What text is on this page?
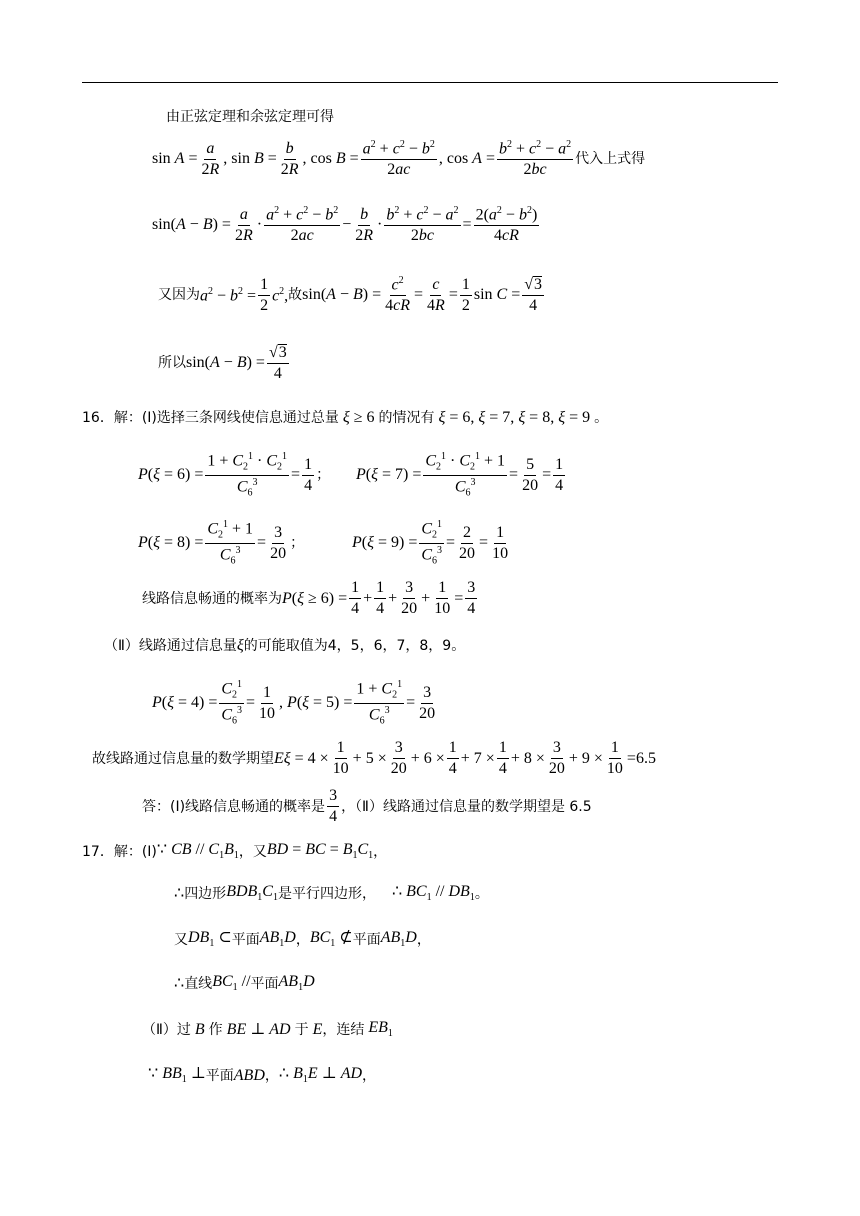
由正弦定理和余弦定理可得
$\sin A = \frac{a}{2R}$ , $\sin B = \frac{b}{2R}$ , $\cos B = \frac{a^2 + c^2 - b^2}{2ac}$ , $\cos A = \frac{b^2 + c^2 - a^2}{2bc}$ 代入上式得
$\sin(A - B) = \frac{a}{2R}$ ·
$a^2 + c^2 - b^2$
2ac
− $\frac{b}{2R} \cdot \frac{b^2 + c^2 - a^2}{2bc} = \frac{2(a^2 - b^2)}{4cR}$
又因为 $a^2 - b^2 = \frac{1}{2} c^2$, 故 $\sin(A - B) = \frac{c^2}{4cR} = \frac{c}{4R} = \frac{1}{2}$ $\sin C = \frac{√3}{4}$
所以 $\sin(A - B) = \frac{√3}{4}$
16．解： (Ⅰ)选择三条网线使信息通过总量 ξ ≥ 6 的情况有 ξ = 6, ξ = 7, ξ = 8, ξ = 9 。
$P(\xi = 6) = \frac{1 + C_2^1 \cdot C_2^1}{C_6^3} = \frac{1}{4}$ ； $P(\xi = 7) = \frac{C_2^1 \cdot C_2^1 + 1}{C_6^3} = \frac{5}{20} = \frac{1}{4}$
$P(\xi = 8) = \frac{C_2^1 + 1}{C_6^3} = \frac{3}{20}$ ；	$P(\xi = 9) = \frac{C_2^1}{C_6^3} = \frac{2}{20} = \frac{1}{10}$
线路信息畅通的概率为 $P(\xi \ge 6) = \frac{1}{4} + \frac{1}{4} + \frac{3}{20} + \frac{1}{10} = \frac{3}{4}$
（Ⅱ）线路通过信息量 ξ 的可能取值为4，5，6，7，8，9。
$P(\xi = 4) = \frac{C_2^1}{C_6^3} = \frac{1}{10}$ , $P(\xi = 5) = \frac{1 + C_2^1}{C_6^3} = \frac{3}{20}$
故线路通过信息量的数学期望 $E\xi = 4 \times \frac{1}{10} + 5 \times \frac{3}{20} + 6 \times \frac{1}{4} + 7 \times \frac{1}{4} + 8 \times \frac{3}{20} + 9 \times \frac{1}{10} = 6.5$
答：(Ⅰ)线路信息畅通的概率是
3
4
，（Ⅱ）线路通过信息量的数学期望是 6.5
17．解： (Ⅰ) ∵ CB // $C_1B_1$ ，又 BD = BC = $B_1C_1$ ，
∴ 四边形 $BDB_1C_1$ 是平行四边形， ∴ $BC_1 // DB_1$ 。
又 $DB_1$ ⊂ 平面 $AB_1D$ ， $BC_1$ ⊄ 平面 $AB_1D$ ，
∴ 直线 $BC_1$ // 平面 $AB_1D$
（Ⅱ）过 B 作 BE ⊥ AD 于 E ，连结 $EB_1$
∵ $BB_1$ ⊥ 平面 ABD ， ∴ $B_1E$ ⊥ AD ，
